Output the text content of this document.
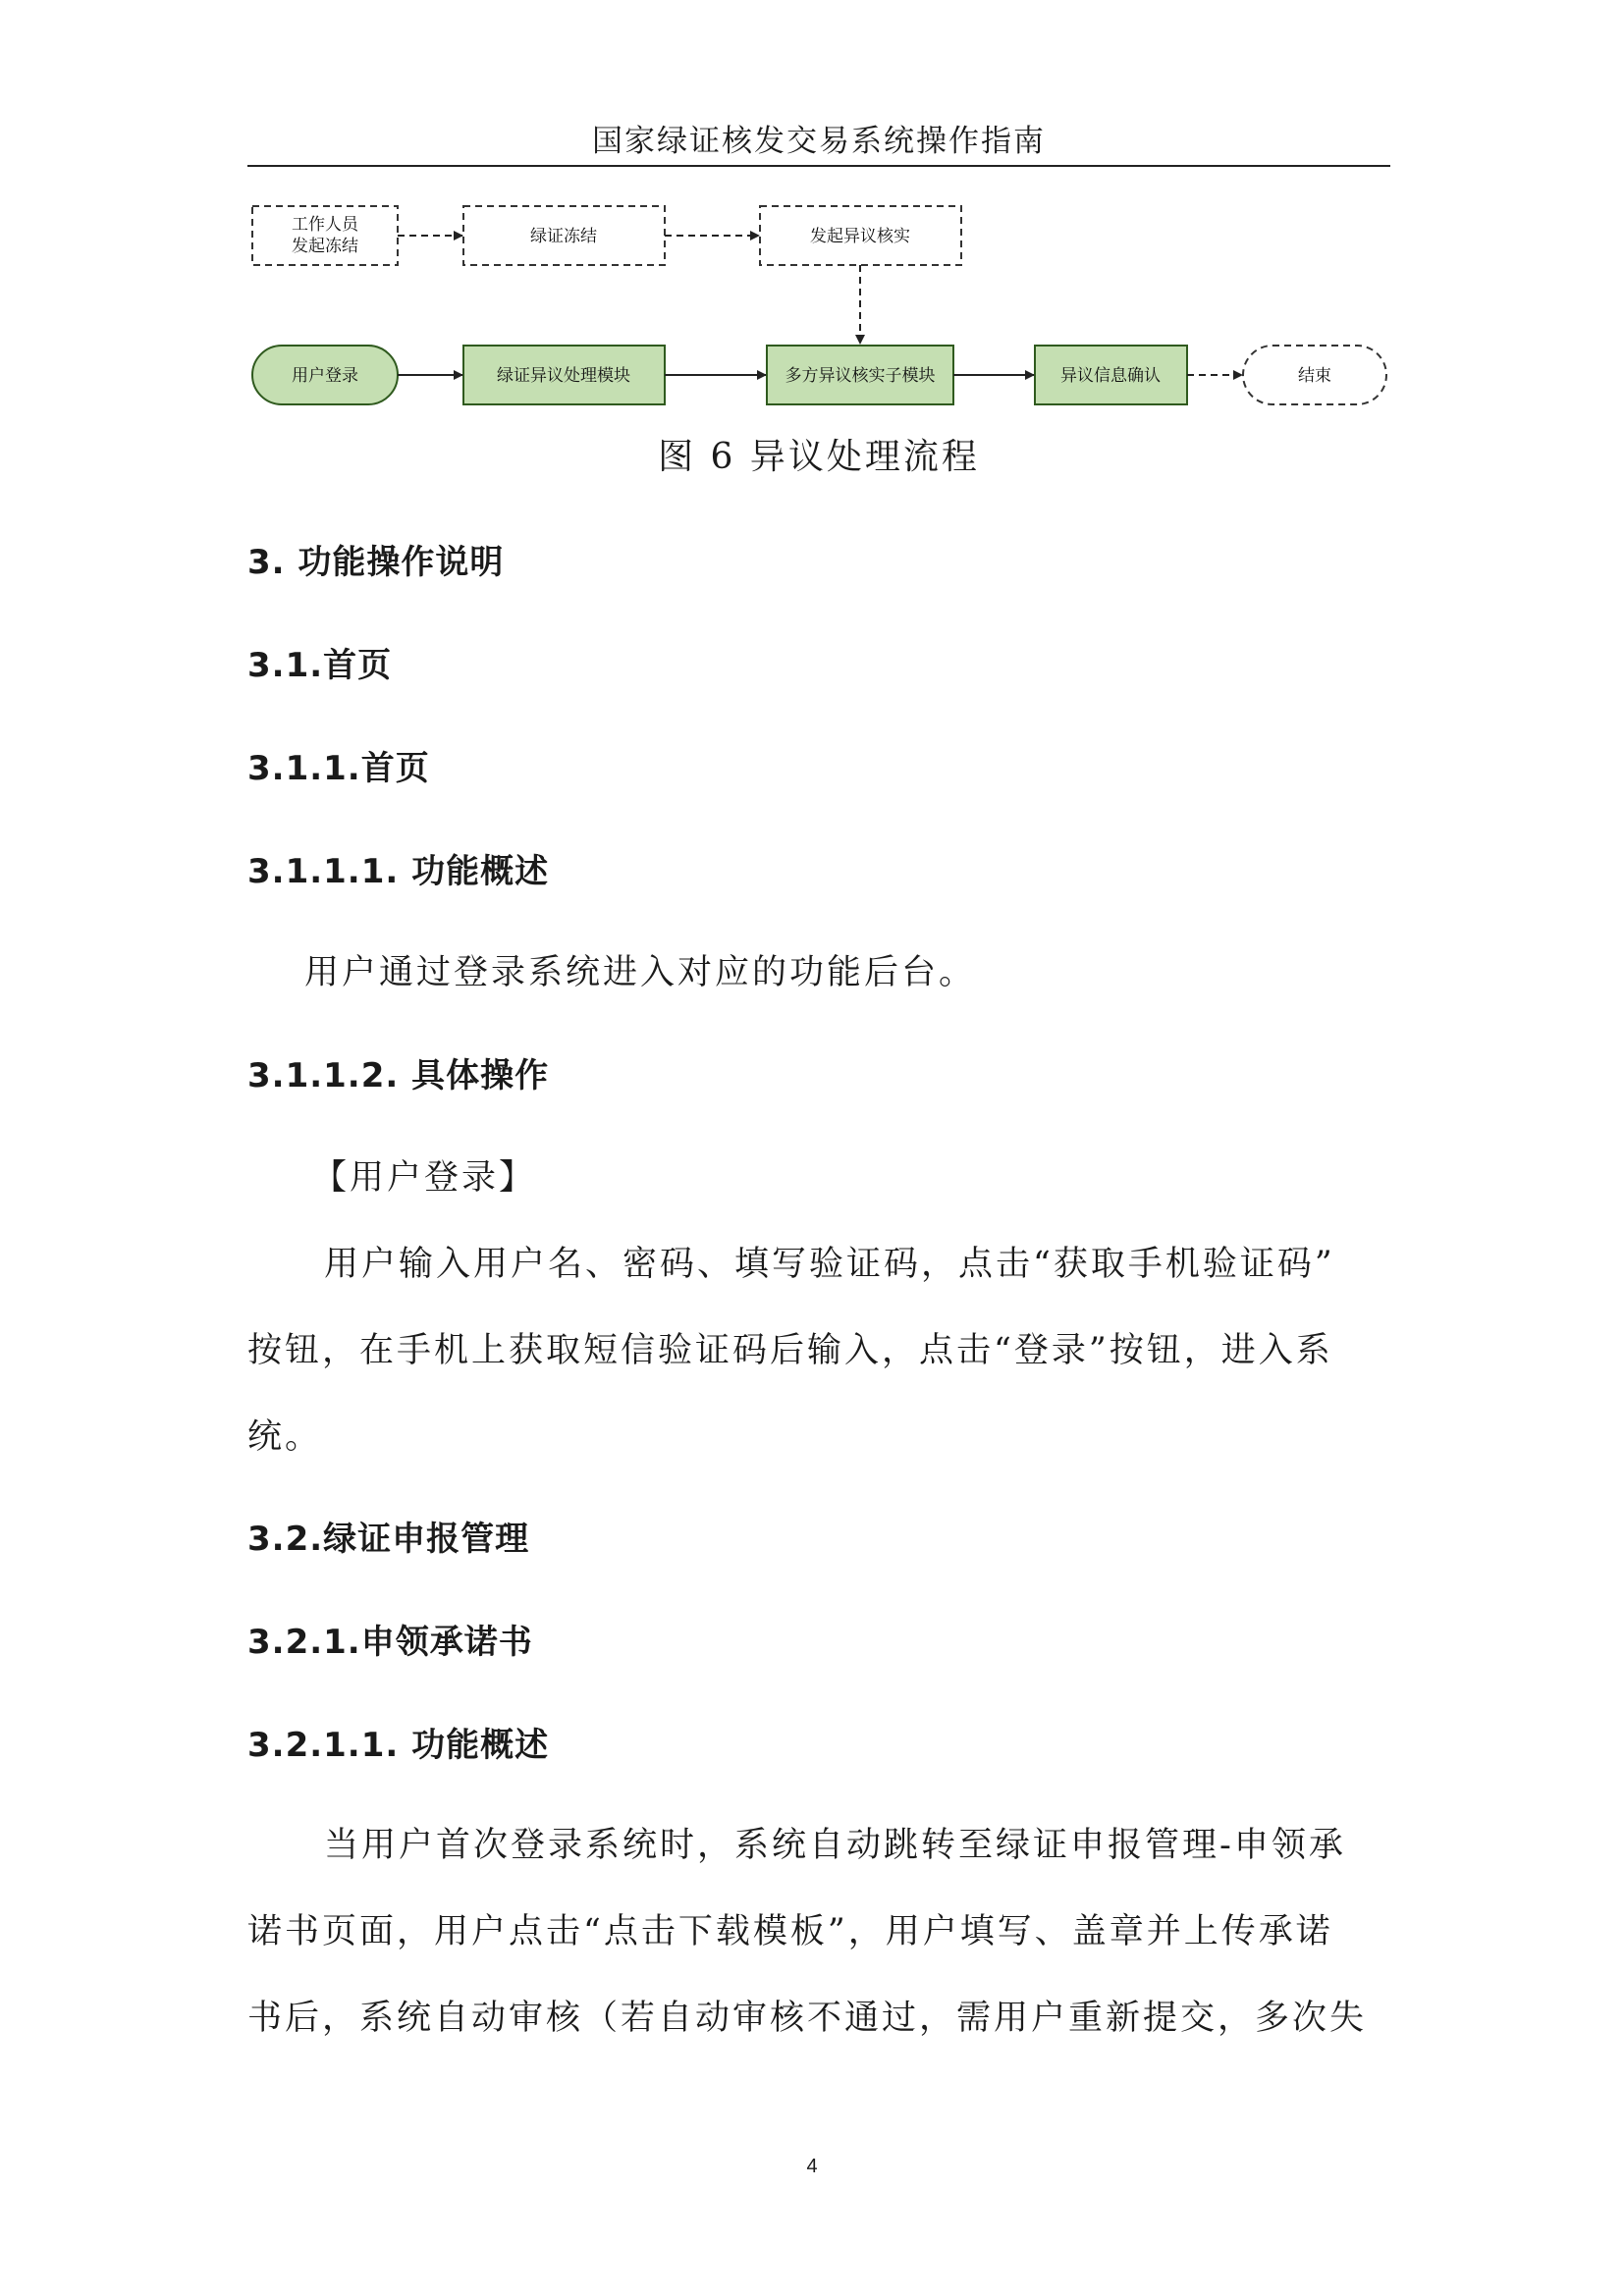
国家绿证核发交易系统操作指南
工作人员
发起冻结	绿证冻结	发起异议核实
用户登录	绿证异议处理模块	多方异议核实子模块	异议信息确认	结束
图 6 异议处理流程
3. 功能操作说明
3.1.首页
3.1.1.首页
3.1.1.1. 功能概述
用户通过登录系统进入对应的功能后台。
3.1.1.2. 具体操作
【用户登录】
用户输入用户名、密码、填写验证码，点击“获取手机验证码”
按钮，在手机上获取短信验证码后输入，点击“登录”按钮，进入系
统。
3.2.绿证申报管理
3.2.1.申领承诺书
3.2.1.1. 功能概述
当用户首次登录系统时，系统自动跳转至绿证申报管理-申领承
诺书页面，用户点击“点击下载模板”，用户填写、盖章并上传承诺
书后，系统自动审核（若自动审核不通过，需用户重新提交，多次失
4
